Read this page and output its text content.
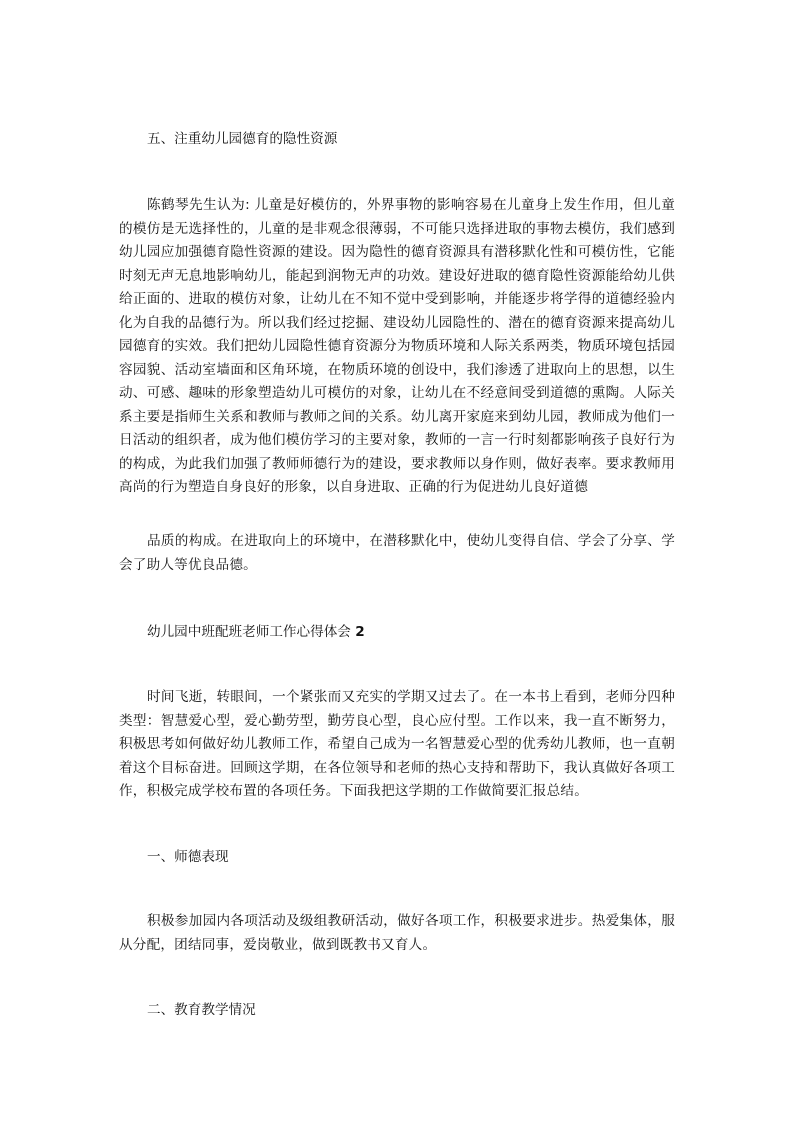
五、注重幼儿园德育的隐性资源

陈鹤琴先生认为: 儿童是好模仿的，外界事物的影响容易在儿童身上发生作用，但儿童的模仿是无选择性的，儿童的是非观念很薄弱，不可能只选择进取的事物去模仿，我们感到幼儿园应加强德育隐性资源的建设。因为隐性的德育资源具有潜移默化性和可模仿性，它能时刻无声无息地影响幼儿，能起到润物无声的功效。建设好进取的德育隐性资源能给幼儿供给正面的、进取的模仿对象，让幼儿在不知不觉中受到影响，并能逐步将学得的道德经验内化为自我的品德行为。所以我们经过挖掘、建设幼儿园隐性的、潜在的德育资源来提高幼儿园德育的实效。我们把幼儿园隐性德育资源分为物质环境和人际关系两类，物质环境包括园容园貌、活动室墙面和区角环境，在物质环境的创设中，我们渗透了进取向上的思想，以生动、可感、趣味的形象塑造幼儿可模仿的对象，让幼儿在不经意间受到道德的熏陶。人际关系主要是指师生关系和教师与教师之间的关系。幼儿离开家庭来到幼儿园，教师成为他们一日活动的组织者，成为他们模仿学习的主要对象，教师的一言一行时刻都影响孩子良好行为的构成，为此我们加强了教师师德行为的建设，要求教师以身作则，做好表率。要求教师用高尚的行为塑造自身良好的形象，以自身进取、正确的行为促进幼儿良好道德

品质的构成。在进取向上的环境中，在潜移默化中，使幼儿变得自信、学会了分享、学会了助人等优良品德。

幼儿园中班配班老师工作心得体会 2

时间飞逝，转眼间，一个紧张而又充实的学期又过去了。在一本书上看到，老师分四种类型：智慧爱心型，爱心勤劳型，勤劳良心型，良心应付型。工作以来，我一直不断努力，积极思考如何做好幼儿教师工作，希望自己成为一名智慧爱心型的优秀幼儿教师，也一直朝着这个目标奋进。回顾这学期，在各位领导和老师的热心支持和帮助下，我认真做好各项工作，积极完成学校布置的各项任务。下面我把这学期的工作做简要汇报总结。

一、师德表现

积极参加园内各项活动及级组教研活动，做好各项工作，积极要求进步。热爱集体，服从分配，团结同事，爱岗敬业，做到既教书又育人。

二、教育教学情况
